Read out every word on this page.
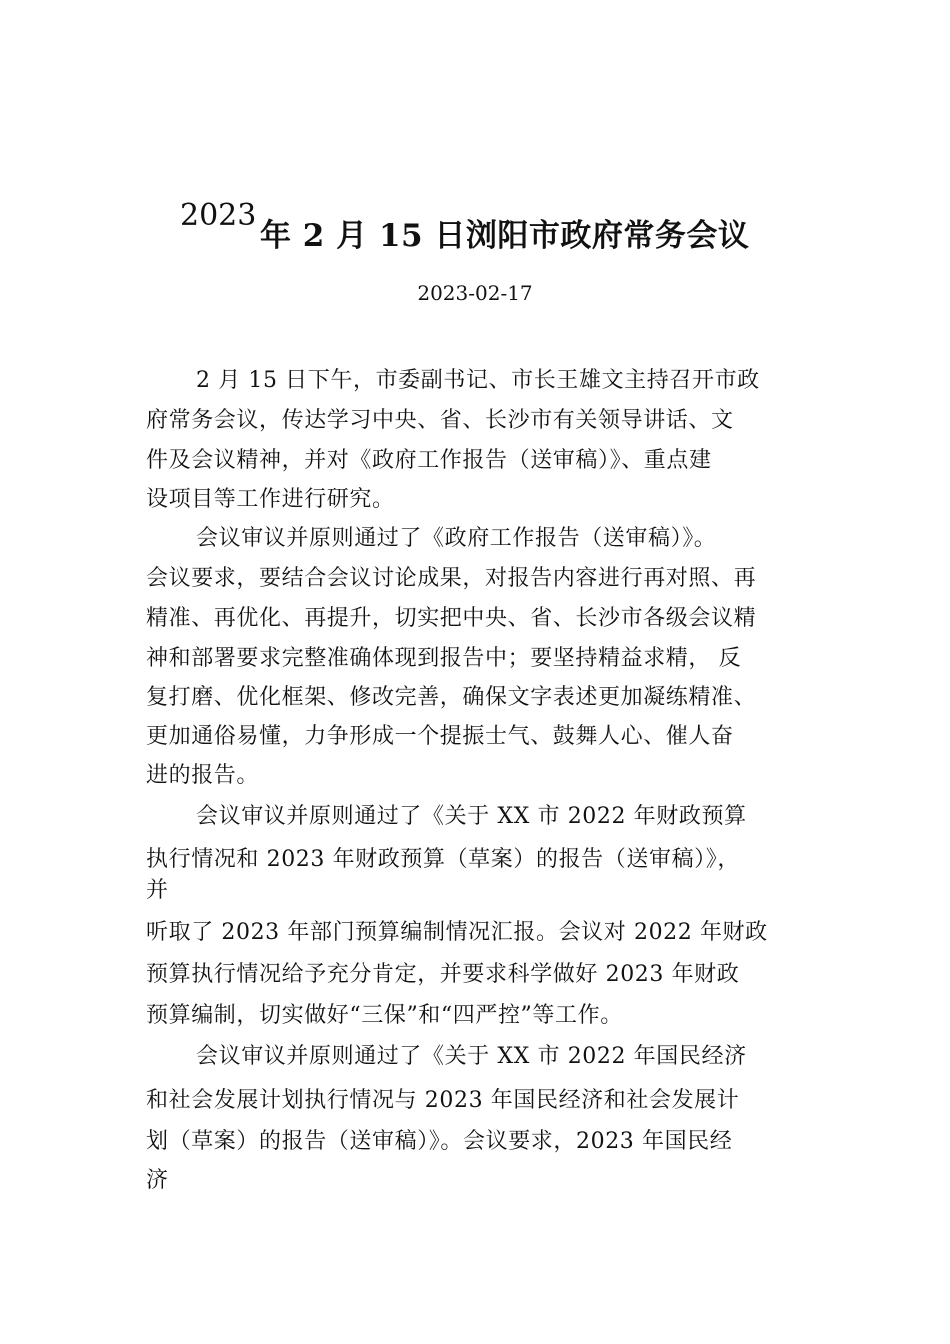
2023
年 2 月 15 日浏阳市政府常务会议
2023-02-17
2 月 15 日下午，市委副书记、市长王雄文主持召开市政
府常务会议，传达学习中央、省、长沙市有关领导讲话、文
件及会议精神，并对《政府工作报告（送审稿）》、重点建
设项目等工作进行研究。
会议审议并原则通过了《政府工作报告（送审稿）》。
会议要求，要结合会议讨论成果，对报告内容进行再对照、再
精准、再优化、再提升，切实把中央、省、长沙市各级会议精
神和部署要求完整准确体现到报告中；要坚持精益求精， 反
复打磨、优化框架、修改完善，确保文字表述更加凝练精准、
更加通俗易懂，力争形成一个提振士气、鼓舞人心、催人奋
进的报告。
会议审议并原则通过了《关于 XX 市 2022 年财政预算
执行情况和 2023 年财政预算（草案）的报告（送审稿）》，
并
听取了 2023 年部门预算编制情况汇报。会议对 2022 年财政
预算执行情况给予充分肯定，并要求科学做好 2023 年财政
预算编制，切实做好“三保”和“四严控”等工作。
会议审议并原则通过了《关于 XX 市 2022 年国民经济
和社会发展计划执行情况与 2023 年国民经济和社会发展计
划（草案）的报告（送审稿）》。会议要求，2023 年国民经
济
